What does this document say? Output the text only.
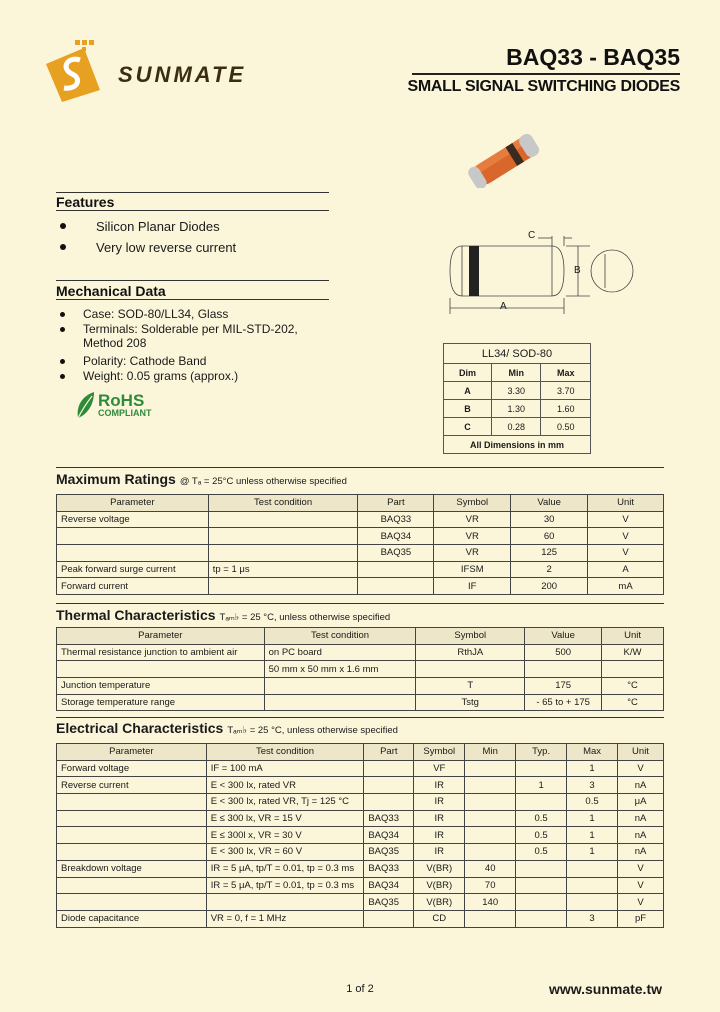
SUNMATE
BAQ33 - BAQ35
SMALL SIGNAL SWITCHING DIODES
C
B
A
LL34/ SOD-80		
Dim	Min	Max
A	3.30	3.70
B	1.30	1.60
C	0.28	0.50
All Dimensions in mm		
Features
Silicon Planar Diodes
Very low reverse current
Mechanical Data
Case: SOD-80/LL34, Glass
Terminals: Solderable per MIL-STD-202,
Method 208
Polarity: Cathode Band
Weight: 0.05 grams (approx.)
RoHS
COMPLIANT
Maximum Ratings @ Tₐ = 25°C unless otherwise specified
Parameter	Test condition	Part	Symbol	Value	Unit
Reverse voltage		BAQ33	VR	30	V
		BAQ34	VR	60	V
		BAQ35	VR	125	V
Peak forward surge current	tp = 1 μs		IFSM	2	A
Forward current			IF	200	mA
Thermal Characteristics Tₐₘ♭ = 25 °C, unless otherwise specified
Parameter	Test condition	Symbol	Value	Unit
Thermal resistance junction to ambient air	on PC board	RthJA	500	K/W
	50 mm x 50 mm x 1.6 mm			
Junction temperature		T	175	°C
Storage temperature range		Tstg	- 65 to + 175	°C
Electrical Characteristics Tₐₘ♭ = 25 °C, unless otherwise specified
Parameter	Test condition	Part	Symbol	Min	Typ.	Max	Unit
Forward voltage	IF = 100 mA		VF			1	V
Reverse current	E < 300 lx, rated VR		IR		1	3	nA
	E < 300 lx, rated VR, Tj = 125 °C		IR			0.5	μA
	E ≤ 300 lx, VR = 15 V	BAQ33	IR		0.5	1	nA
	E ≤ 300l x, VR = 30 V	BAQ34	IR		0.5	1	nA
	E < 300 lx, VR = 60 V	BAQ35	IR		0.5	1	nA
Breakdown voltage	IR = 5 μA, tp/T = 0.01, tp = 0.3 ms	BAQ33	V(BR)	40			V
	IR = 5 μA, tp/T = 0.01, tp = 0.3 ms	BAQ34	V(BR)	70			V
		BAQ35	V(BR)	140			V
Diode capacitance	VR = 0, f = 1 MHz		CD			3	pF
1 of 2	www.sunmate.tw
